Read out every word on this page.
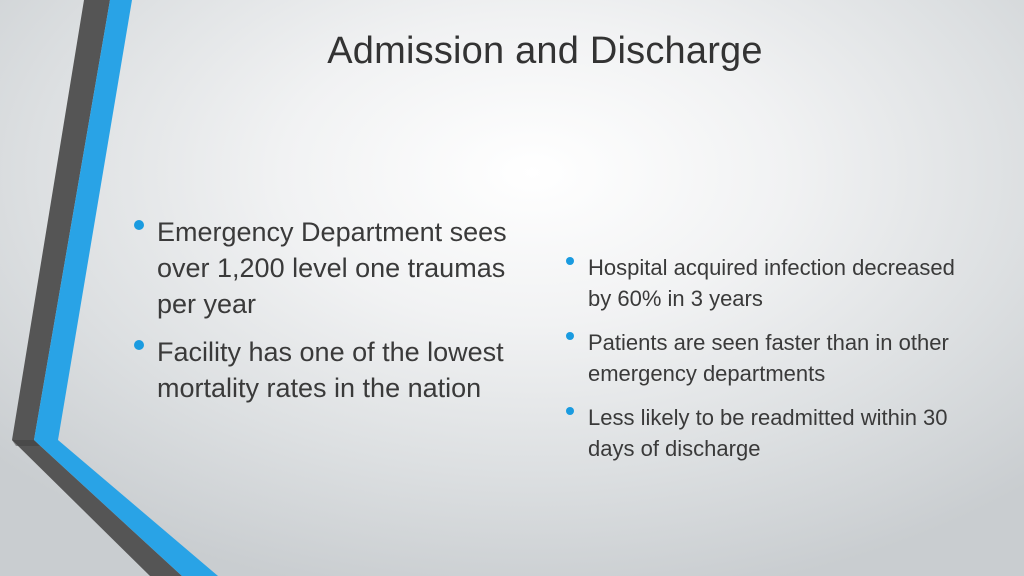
Admission and Discharge
Emergency Department sees over 1,200 level one traumas per year
Facility has one of the lowest mortality rates in the nation
Hospital acquired infection decreased by 60% in 3 years
Patients are seen faster than in other emergency departments
Less likely to be readmitted within 30 days of discharge
